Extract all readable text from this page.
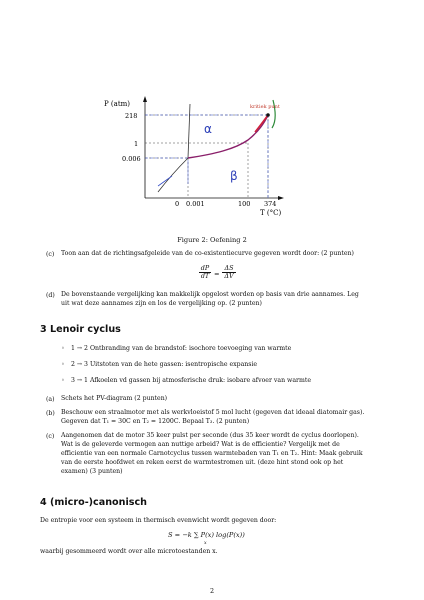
P (atm)
T (°C)
218
1
0.006
0 0.001	100 374
kritiek punt
α
β
Figure 2: Oefening 2
(c) Toon aan dat de richtingsafgeleide van de co-existentiecurve gegeven wordt door: (2 punten)
dP
dT =
ΔS
ΔV
(d) De bovenstaande vergelijking kan makkelijk opgelost worden op basis van drie aannames. Leg
uit wat deze aannames zijn en los de vergelijking op. (2 punten)
3 Lenoir cyclus
◦ 1 → 2 Ontbranding van de brandstof: isochore toevoeging van warmte
◦ 2 → 3 Uitstoten van de hete gassen: isentropische expansie
◦ 3 → 1 Afkoelen vd gassen bij atmosferische druk: isobare afvoer van warmte
(a) Schets het PV-diagram (2 punten)
(b) Beschouw een straalmotor met als werkvloeistof 5 mol lucht (gegeven dat ideaal diatomair gas).
Gegeven dat T₁ = 30C en T₂ = 1200C. Bepaal T₃. (2 punten)
(c) Aangenomen dat de motor 35 keer pulst per seconde (dus 35 keer wordt de cyclus doorlopen).
Wat is de geleverde vermogen aan nuttige arbeid? Wat is de efficientie? Vergelijk met de
efficientie van een normale Carnotcyclus tussen warmtebaden van T₁ en T₂. Hint: Maak gebruik
van de eerste hoofdwet en reken eerst de warmtestromen uit. (deze hint stond ook op het
examen) (3 punten)
4 (micro-)canonisch
De entropie voor een systeem in thermisch evenwicht wordt gegeven door:
S = −k ∑ P(x) log(P(x))
x
waarbij gesommeerd wordt over alle microtoestanden x.
2
